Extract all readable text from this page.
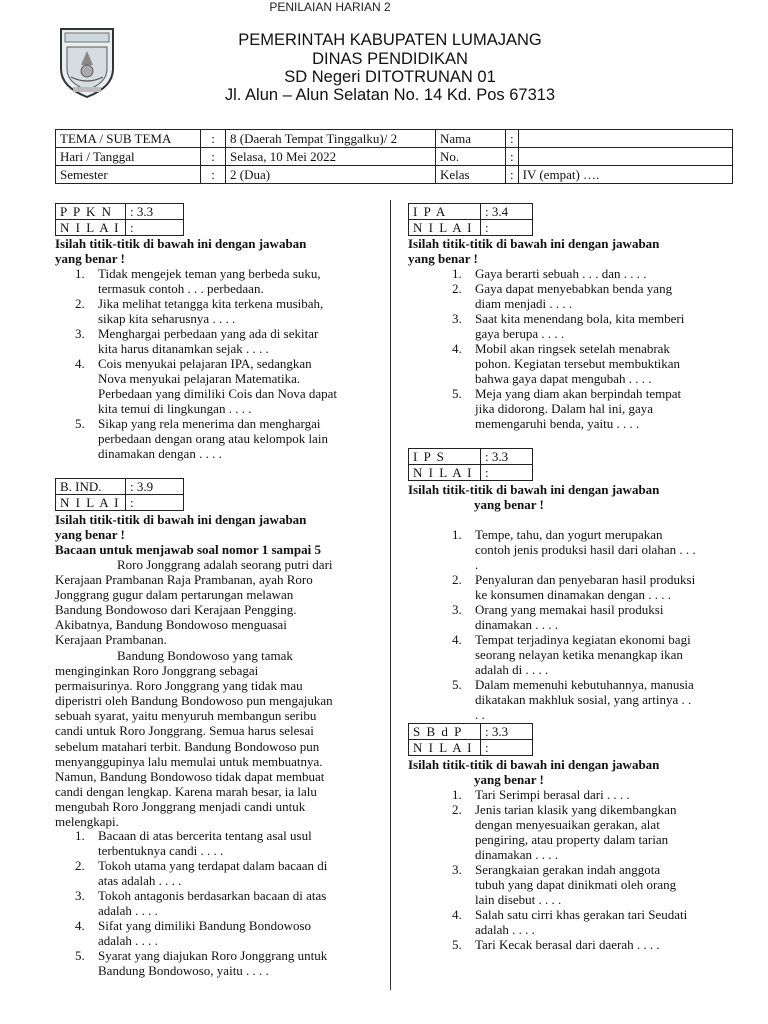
PEMERINTAH KABUPATEN LUMAJANG
DINAS PENDIDIKAN
SD Negeri DITOTRUNAN 01
Jl. Alun – Alun Selatan No. 14 Kd. Pos 67313
PENILAIAN HARIAN 2
TEMA / SUB TEMA	:	8 (Daerah Tempat Tinggalku)/ 2	Nama	:	
Hari / Tanggal	:	Selasa, 10 Mei 2022	No.	:	
Semester	:	2 (Dua)	Kelas	:	IV (empat) ….
P P K N	: 3.3
N I L A I	:
Isilah titik-titik di bawah ini dengan jawaban
yang benar !
1. Tidak mengejek teman yang berbeda suku,
termasuk contoh . . . perbedaan.
2. Jika melihat tetangga kita terkena musibah,
sikap kita seharusnya . . . .
3. Menghargai perbedaan yang ada di sekitar
kita harus ditanamkan sejak . . . .
4. Cois menyukai pelajaran IPA, sedangkan
Nova menyukai pelajaran Matematika.
Perbedaan yang dimiliki Cois dan Nova dapat
kita temui di lingkungan . . . .
5. Sikap yang rela menerima dan menghargai
perbedaan dengan orang atau kelompok lain
dinamakan dengan . . . .
B. IND.	: 3.9
N I L A I	:
Isilah titik-titik di bawah ini dengan jawaban
yang benar !
Bacaan untuk menjawab soal nomor 1 sampai 5
Roro Jonggrang adalah seorang putri dari
Kerajaan Prambanan Raja Prambanan, ayah Roro
Jonggrang gugur dalam pertarungan melawan
Bandung Bondowoso dari Kerajaan Pengging.
Akibatnya, Bandung Bondowoso menguasai
Kerajaan Prambanan.
Bandung Bondowoso yang tamak
menginginkan Roro Jonggrang sebagai
permaisurinya. Roro Jonggrang yang tidak mau
diperistri oleh Bandung Bondowoso pun mengajukan
sebuah syarat, yaitu menyuruh membangun seribu
candi untuk Roro Jonggrang. Semua harus selesai
sebelum matahari terbit. Bandung Bondowoso pun
menyanggupinya lalu memulai untuk membuatnya.
Namun, Bandung Bondowoso tidak dapat membuat
candi dengan lengkap. Karena marah besar, ia lalu
mengubah Roro Jonggrang menjadi candi untuk
melengkapi.
1. Bacaan di atas bercerita tentang asal usul
terbentuknya candi . . . .
2. Tokoh utama yang terdapat dalam bacaan di
atas adalah . . . .
3. Tokoh antagonis berdasarkan bacaan di atas
adalah . . . .
4. Sifat yang dimiliki Bandung Bondowoso
adalah . . . .
5. Syarat yang diajukan Roro Jonggrang untuk
Bandung Bondowoso, yaitu . . . .
I P A	: 3.4
N I L A I	:
Isilah titik-titik di bawah ini dengan jawaban
yang benar !
1. Gaya berarti sebuah . . . dan . . . .
2. Gaya dapat menyebabkan benda yang
diam menjadi . . . .
3. Saat kita menendang bola, kita memberi
gaya berupa . . . .
4. Mobil akan ringsek setelah menabrak
pohon. Kegiatan tersebut membuktikan
bahwa gaya dapat mengubah . . . .
5. Meja yang diam akan berpindah tempat
jika didorong. Dalam hal ini, gaya
memengaruhi benda, yaitu . . . .
I P S	: 3.3
N I L A I	:
Isilah titik-titik di bawah ini dengan jawaban
yang benar !
1. Tempe, tahu, dan yogurt merupakan
contoh jenis produksi hasil dari olahan . . .
.
2. Penyaluran dan penyebaran hasil produksi
ke konsumen dinamakan dengan . . . .
3. Orang yang memakai hasil produksi
dinamakan . . . .
4. Tempat terjadinya kegiatan ekonomi bagi
seorang nelayan ketika menangkap ikan
adalah di . . . .
5. Dalam memenuhi kebutuhannya, manusia
dikatakan makhluk sosial, yang artinya . .
. .
S B d P	: 3.3
N I L A I	:
Isilah titik-titik di bawah ini dengan jawaban
yang benar !
1. Tari Serimpi berasal dari . . . .
2. Jenis tarian klasik yang dikembangkan
dengan menyesuaikan gerakan, alat
pengiring, atau property dalam tarian
dinamakan . . . .
3. Serangkaian gerakan indah anggota
tubuh yang dapat dinikmati oleh orang
lain disebut . . . .
4. Salah satu cirri khas gerakan tari Seudati
adalah . . . .
5. Tari Kecak berasal dari daerah . . . .
